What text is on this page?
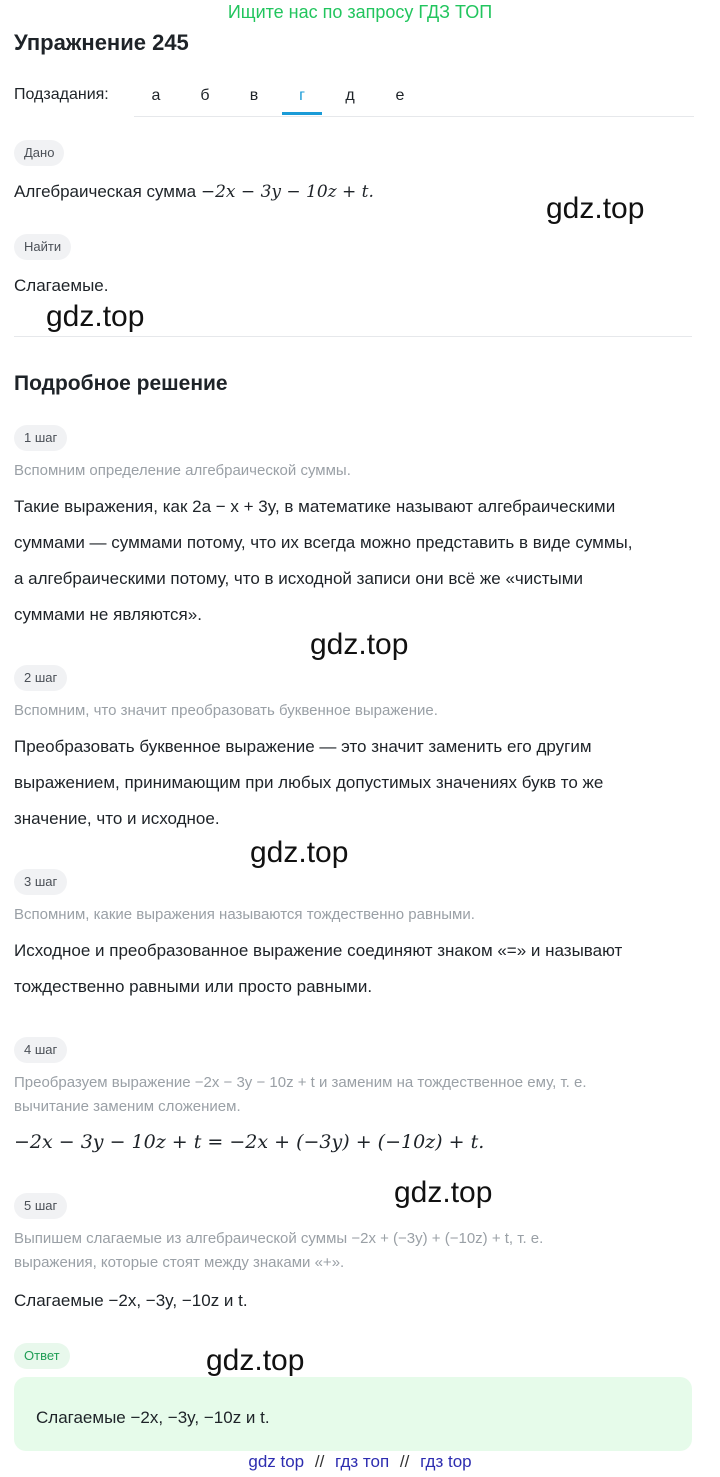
Ищите нас по запросу ГДЗ ТОП
Упражнение 245
Подзадания:	а	б	в	г	д	е
Дано
Алгебраическая сумма −2x − 3y − 10z + t.	gdz.top
Найти
Слагаемые.
gdz.top
Подробное решение
1 шаг
Вспомним определение алгебраической суммы.
Такие выражения, как 2a − x + 3y, в математике называют алгебраическими
суммами — суммами потому, что их всегда можно представить в виде суммы,
а алгебраическими потому, что в исходной записи они всё же «чистыми
суммами не являются».
gdz.top
2 шаг
Вспомним, что значит преобразовать буквенное выражение.
Преобразовать буквенное выражение — это значит заменить его другим
выражением, принимающим при любых допустимых значениях букв то же
значение, что и исходное.
gdz.top
3 шаг
Вспомним, какие выражения называются тождественно равными.
Исходное и преобразованное выражение соединяют знаком «=» и называют
тождественно равными или просто равными.
4 шаг
Преобразуем выражение −2x − 3y − 10z + t и заменим на тождественное ему, т. е.
вычитание заменим сложением.
−2x − 3y − 10z + t = −2x + (−3y) + (−10z) + t.
gdz.top
5 шаг
Выпишем слагаемые из алгебраической суммы −2x + (−3y) + (−10z) + t, т. е.
выражения, которые стоят между знаками «+».
Слагаемые −2x, −3y, −10z и t.
Ответ	gdz.top
Слагаемые −2x, −3y, −10z и t.
gdz top // гдз топ // гдз top
